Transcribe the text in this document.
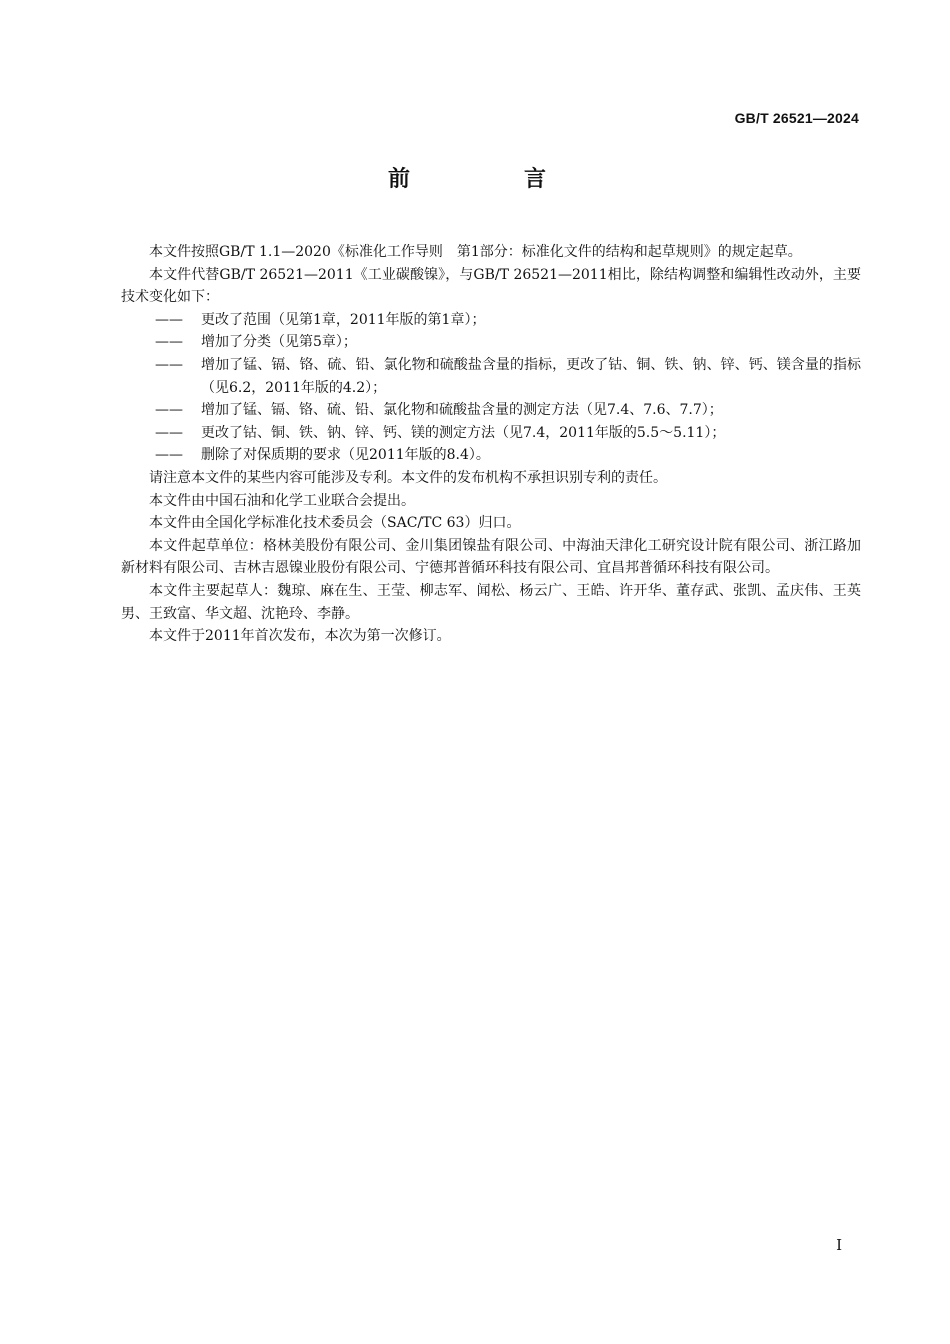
GB/T 26521—2024
前　言

本文件按照GB/T 1.1—2020《标准化工作导则　第1部分：标准化文件的结构和起草规则》的规定起草。

本文件代替GB/T 26521—2011《工业碳酸镍》，与GB/T 26521—2011相比，除结构调整和编辑性改动外，主要技术变化如下：

—— 更改了范围（见第1章，2011年版的第1章）；

—— 增加了分类（见第5章）；

—— 增加了锰、镉、铬、硫、铅、氯化物和硫酸盐含量的指标，更改了钴、铜、铁、钠、锌、钙、镁含量的指标（见6.2，2011年版的4.2）；

—— 增加了锰、镉、铬、硫、铅、氯化物和硫酸盐含量的测定方法（见7.4、7.6、7.7）；

—— 更改了钴、铜、铁、钠、锌、钙、镁的测定方法（见7.4，2011年版的5.5～5.11）；

—— 删除了对保质期的要求（见2011年版的8.4）。

请注意本文件的某些内容可能涉及专利。本文件的发布机构不承担识别专利的责任。

本文件由中国石油和化学工业联合会提出。

本文件由全国化学标准化技术委员会（SAC/TC 63）归口。

本文件起草单位：格林美股份有限公司、金川集团镍盐有限公司、中海油天津化工研究设计院有限公司、浙江路加新材料有限公司、吉林吉恩镍业股份有限公司、宁德邦普循环科技有限公司、宜昌邦普循环科技有限公司。

本文件主要起草人：魏琼、麻在生、王莹、柳志军、闻松、杨云广、王皓、许开华、董存武、张凯、孟庆伟、王英男、王致富、华文超、沈艳玲、李静。

本文件于2011年首次发布，本次为第一次修订。

I
